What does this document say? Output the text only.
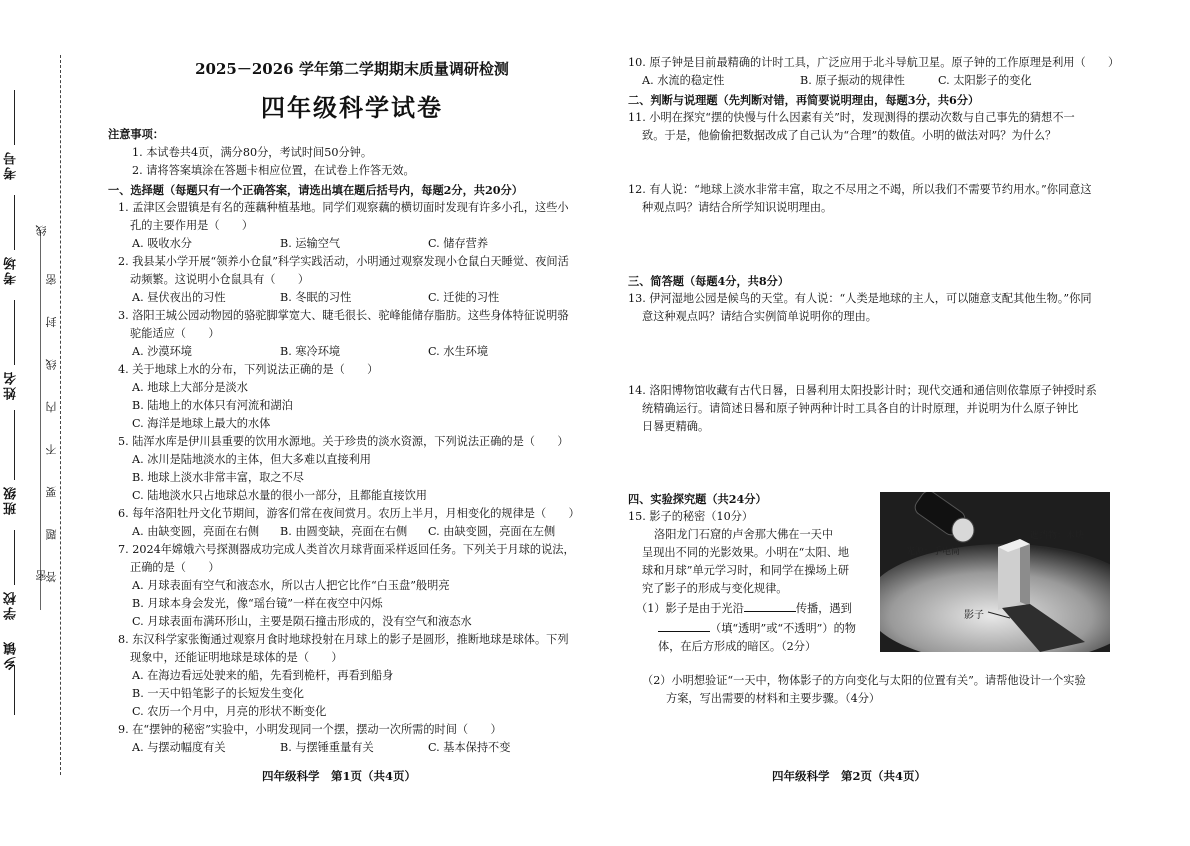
考号
考场
姓名
班级
学校
乡镇
线
密
答 题 要 不 内 线 封 密
2025－2026 学年第二学期期末质量调研检测
四年级科学试卷
注意事项：
1. 本试卷共4页，满分80分，考试时间50分钟。
2. 请将答案填涂在答题卡相应位置，在试卷上作答无效。
一、选择题（每题只有一个正确答案，请选出填在题后括号内，每题2分，共20分）
1. 孟津区会盟镇是有名的莲藕种植基地。同学们观察藕的横切面时发现有许多小孔，这些小
孔的主要作用是（　　）
A. 吸收水分	B. 运输空气	C. 储存营养
2. 我县某小学开展“领养小仓鼠”科学实践活动，小明通过观察发现小仓鼠白天睡觉、夜间活
动频繁。这说明小仓鼠具有（　　）
A. 昼伏夜出的习性	B. 冬眠的习性	C. 迁徙的习性
3. 洛阳王城公园动物园的骆驼脚掌宽大、睫毛很长、驼峰能储存脂肪。这些身体特征说明骆
驼能适应（　　）
A. 沙漠环境	B. 寒冷环境	C. 水生环境
4. 关于地球上水的分布，下列说法正确的是（　　）
A. 地球上大部分是淡水
B. 陆地上的水体只有河流和湖泊
C. 海洋是地球上最大的水体
5. 陆浑水库是伊川县重要的饮用水源地。关于珍贵的淡水资源，下列说法正确的是（　　）
A. 冰川是陆地淡水的主体，但大多难以直接利用
B. 地球上淡水非常丰富，取之不尽
C. 陆地淡水只占地球总水量的很小一部分，且都能直接饮用
6. 每年洛阳牡丹文化节期间，游客们常在夜间赏月。农历上半月，月相变化的规律是（　　）
A. 由缺变圆，亮面在右侧 B. 由圆变缺，亮面在右侧 C. 由缺变圆，亮面在左侧
7. 2024年嫦娥六号探测器成功完成人类首次月球背面采样返回任务。下列关于月球的说法，
正确的是（　　）
A. 月球表面有空气和液态水，所以古人把它比作“白玉盘”般明亮
B. 月球本身会发光，像“瑶台镜”一样在夜空中闪烁
C. 月球表面布满环形山，主要是陨石撞击形成的，没有空气和液态水
8. 东汉科学家张衡通过观察月食时地球投射在月球上的影子是圆形，推断地球是球体。下列
现象中，还能证明地球是球体的是（　　）
A. 在海边看远处驶来的船，先看到桅杆，再看到船身
B. 一天中铅笔影子的长短发生变化
C. 农历一个月中，月亮的形状不断变化
9. 在“摆钟的秘密”实验中，小明发现同一个摆，摆动一次所需的时间（　　）
A. 与摆动幅度有关	B. 与摆锤重量有关	C. 基本保持不变
四年级科学　第1页（共4页）
10. 原子钟是目前最精确的计时工具，广泛应用于北斗导航卫星。原子钟的工作原理是利用（　　）
A. 水流的稳定性	B. 原子振动的规律性	C. 太阳影子的变化
二、判断与说理题（先判断对错，再简要说明理由，每题3分，共6分）
11. 小明在探究“摆的快慢与什么因素有关”时，发现测得的摆动次数与自己事先的猜想不一
致。于是，他偷偷把数据改成了自己认为“合理”的数值。小明的做法对吗？为什么？
12. 有人说：“地球上淡水非常丰富，取之不尽用之不竭，所以我们不需要节约用水。”你同意这
种观点吗？请结合所学知识说明理由。
三、简答题（每题4分，共8分）
13. 伊河湿地公园是候鸟的天堂。有人说：“人类是地球的主人，可以随意支配其他生物。”你同
意这种观点吗？请结合实例简单说明你的理由。
14. 洛阳博物馆收藏有古代日晷，日晷利用太阳投影计时；现代交通和通信则依靠原子钟授时系
统精确运行。请简述日晷和原子钟两种计时工具各自的计时原理，并说明为什么原子钟比
日晷更精确。
四、实验探究题（共24分）
15. 影子的秘密（10分）
洛阳龙门石窟的卢舍那大佛在一天中
呈现出不同的光影效果。小明在“太阳、地
球和月球”单元学习时，和同学在操场上研
究了影子的形成与变化规律。
（1）影子是由于光沿	传播，遇到
（填“透明”或“不透明”）的物
体，在后方形成的暗区。（2分）
（2）小明想验证“一天中，物体影子的方向变化与太阳的位置有关”。请帮他设计一个实验
方案，写出需要的材料和主要步骤。（4分）
光源：手电筒
遮挡物：木块
影子
四年级科学　第2页（共4页）
